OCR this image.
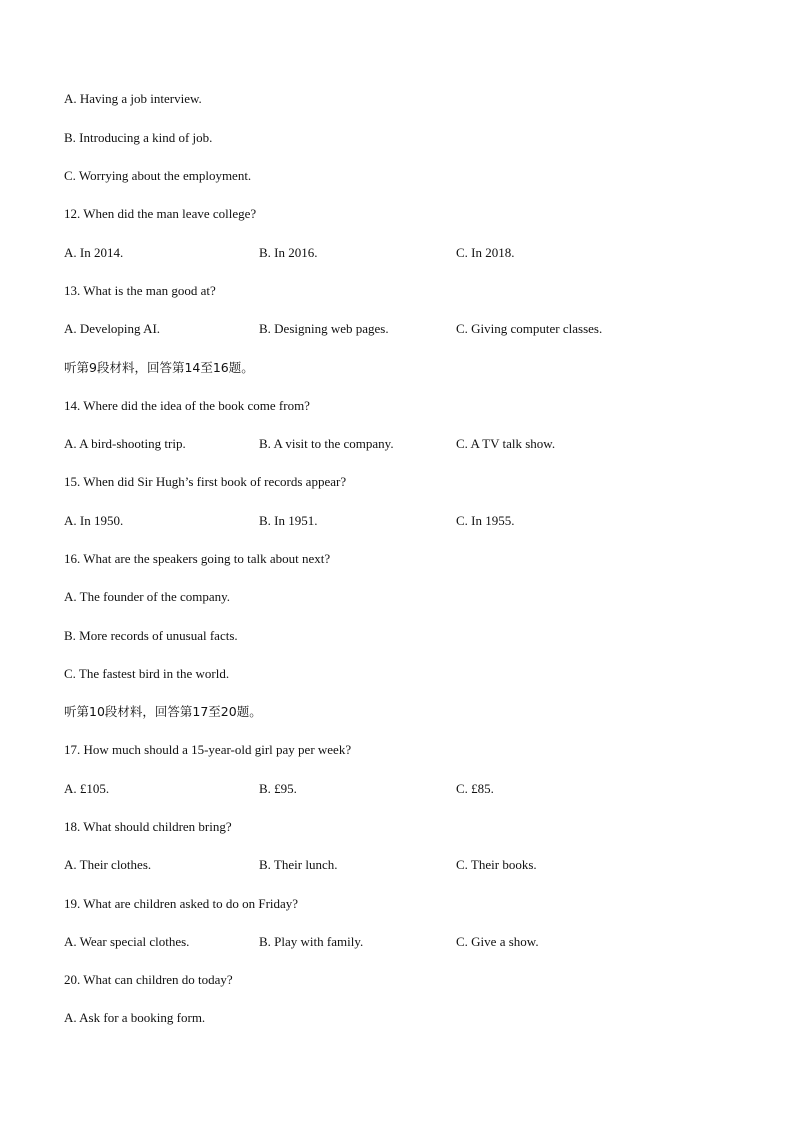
A. Having a job interview.
B. Introducing a kind of job.
C. Worrying about the employment.
12. When did the man leave college?
A. In 2014.	B. In 2016.	C. In 2018.
13. What is the man good at?
A. Developing AI.	B. Designing web pages.	C. Giving computer classes.
听第9段材料，回答第14至16题。
14. Where did the idea of the book come from?
A. A bird-shooting trip.	B. A visit to the company.	C. A TV talk show.
15. When did Sir Hugh’s first book of records appear?
A. In 1950.	B. In 1951.	C. In 1955.
16. What are the speakers going to talk about next?
A. The founder of the company.
B. More records of unusual facts.
C. The fastest bird in the world.
听第10段材料，回答第17至20题。
17. How much should a 15-year-old girl pay per week?
A. £105.	B. £95.	C. £85.
18. What should children bring?
A. Their clothes.	B. Their lunch.	C. Their books.
19. What are children asked to do on Friday?
A. Wear special clothes.	B. Play with family.	C. Give a show.
20. What can children do today?
A. Ask for a booking form.
